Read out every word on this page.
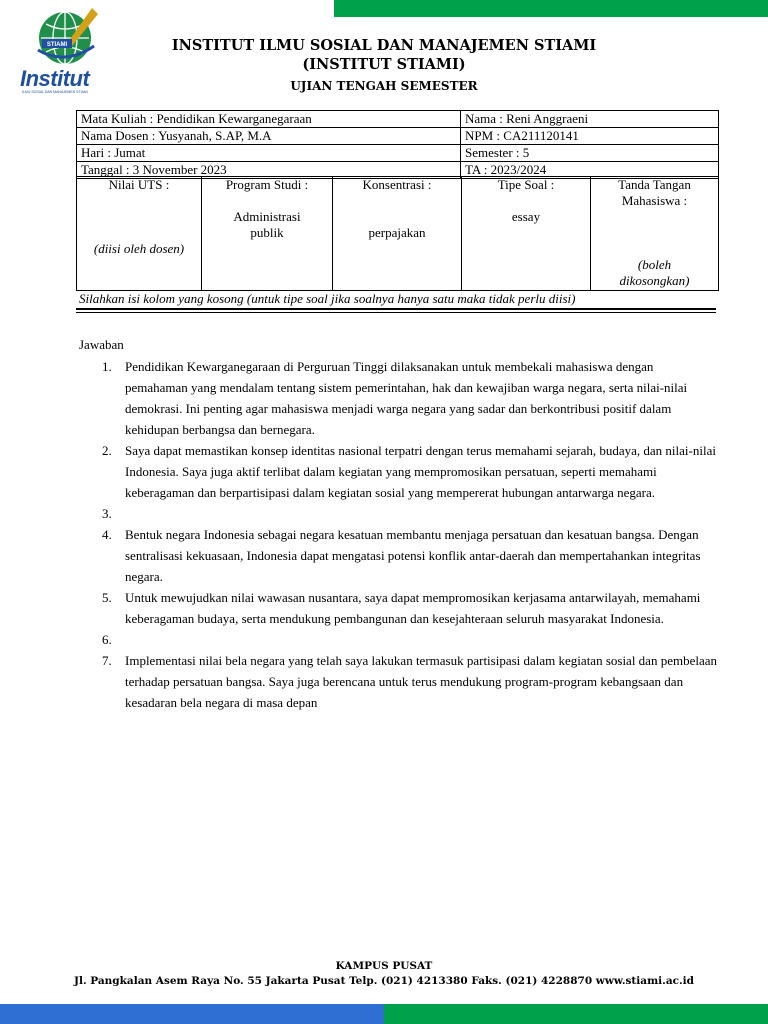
STIAMI
Institut
ILMU SOSIAL DAN MANAJEMEN STIAMI
INSTITUT ILMU SOSIAL DAN MANAJEMEN STIAMI
(INSTITUT STIAMI)
UJIAN TENGAH SEMESTER
Mata Kuliah : Pendidikan Kewarganegaraan	Nama : Reni Anggraeni
Nama Dosen : Yusyanah, S.AP, M.A	NPM : CA211120141
Hari : Jumat	Semester : 5
Tanggal : 3 November 2023	TA : 2023/2024
Nilai UTS :
(diisi oleh dosen)

Program Studi :
Administrasi
publik

Konsentrasi :
perpajakan

Tipe Soal :
essay

Tanda Tangan
Mahasiswa :
(boleh
dikosongkan)
Silahkan isi kolom yang kosong (untuk tipe soal jika soalnya hanya satu maka tidak perlu diisi)
Jawaban
1. Pendidikan Kewarganegaraan di Perguruan Tinggi dilaksanakan untuk membekali mahasiswa dengan pemahaman yang mendalam tentang sistem pemerintahan, hak dan kewajiban warga negara, serta nilai-nilai demokrasi. Ini penting agar mahasiswa menjadi warga negara yang sadar dan berkontribusi positif dalam kehidupan berbangsa dan bernegara.
2. Saya dapat memastikan konsep identitas nasional terpatri dengan terus memahami sejarah, budaya, dan nilai-nilai Indonesia. Saya juga aktif terlibat dalam kegiatan yang mempromosikan persatuan, seperti memahami keberagaman dan berpartisipasi dalam kegiatan sosial yang mempererat hubungan antarwarga negara.
3.
4. Bentuk negara Indonesia sebagai negara kesatuan membantu menjaga persatuan dan kesatuan bangsa. Dengan sentralisasi kekuasaan, Indonesia dapat mengatasi potensi konflik antar-daerah dan mempertahankan integritas negara.
5. Untuk mewujudkan nilai wawasan nusantara, saya dapat mempromosikan kerjasama antarwilayah, memahami keberagaman budaya, serta mendukung pembangunan dan kesejahteraan seluruh masyarakat Indonesia.
6.
7. Implementasi nilai bela negara yang telah saya lakukan termasuk partisipasi dalam kegiatan sosial dan pembelaan terhadap persatuan bangsa. Saya juga berencana untuk terus mendukung program-program kebangsaan dan kesadaran bela negara di masa depan
KAMPUS PUSAT
Jl. Pangkalan Asem Raya No. 55 Jakarta Pusat Telp. (021) 4213380 Faks. (021) 4228870 www.stiami.ac.id
